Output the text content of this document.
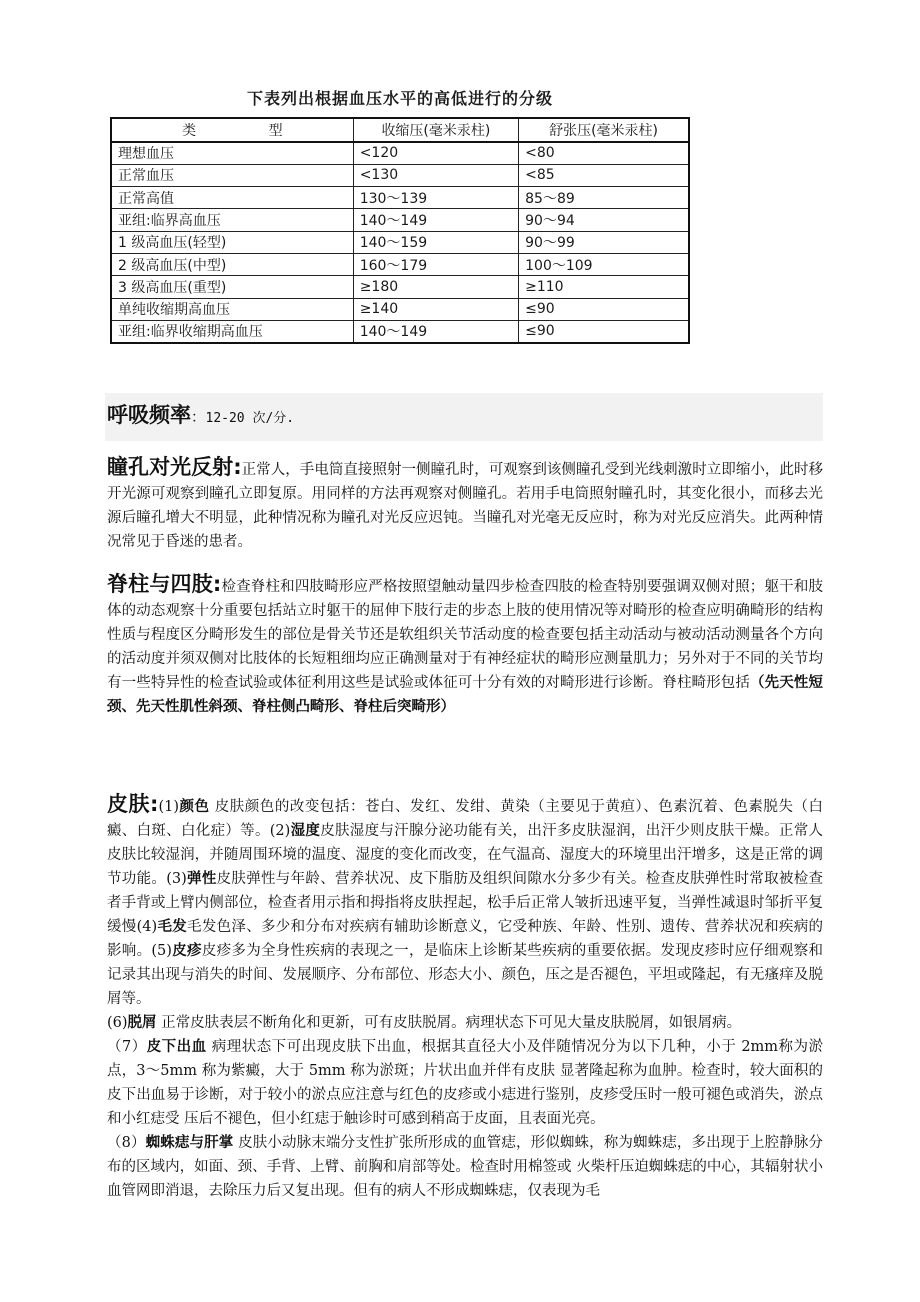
下表列出根据血压水平的高低进行的分级
类 型	收缩压(毫米汞柱)	舒张压(毫米汞柱)
理想血压	<120	<80
正常血压	<130	<85
正常高值	130～139	85～89
亚组:临界高血压	140～149	90～94
1 级高血压(轻型)	140～159	90～99
2 级高血压(中型)	160～179	100～109
3 级高血压(重型)	≥180	≥110
单纯收缩期高血压	≥140	≤90
亚组:临界收缩期高血压	140～149	≤90
呼吸频率：12-20 次/分.

瞳孔对光反射:正常人，手电筒直接照射一侧瞳孔时，可观察到该侧瞳孔受到光线刺激时立即缩小，此时移开光源可观察到瞳孔立即复原。用同样的方法再观察对侧瞳孔。若用手电筒照射瞳孔时，其变化很小，而移去光源后瞳孔增大不明显，此种情况称为瞳孔对光反应迟钝。当瞳孔对光毫无反应时，称为对光反应消失。此两种情况常见于昏迷的患者。

脊柱与四肢:检查脊柱和四肢畸形应严格按照望触动量四步检查四肢的检查特别要强调双侧对照；躯干和肢体的动态观察十分重要包括站立时躯干的屈伸下肢行走的步态上肢的使用情况等对畸形的检查应明确畸形的结构性质与程度区分畸形发生的部位是骨关节还是软组织关节活动度的检查要包括主动活动与被动活动测量各个方向的活动度并须双侧对比肢体的长短粗细均应正确测量对于有神经症状的畸形应测量肌力；另外对于不同的关节均有一些特异性的检查试验或体征利用这些是试验或体征可十分有效的对畸形进行诊断。脊柱畸形包括（先天性短颈、先天性肌性斜颈、脊柱侧凸畸形、脊柱后突畸形）

皮肤:(1)颜色 皮肤颜色的改变包括：苍白、发红、发绀、黄染（主要见于黄疸）、色素沉着、色素脱失（白癜、白斑、白化症）等。(2)湿度皮肤湿度与汗腺分泌功能有关，出汗多皮肤湿润，出汗少则皮肤干燥。正常人皮肤比较湿润，并随周围环境的温度、湿度的变化而改变，在气温高、湿度大的环境里出汗增多，这是正常的调节功能。(3)弹性皮肤弹性与年龄、营养状况、皮下脂肪及组织间隙水分多少有关。检查皮肤弹性时常取被检查者手背或上臂内侧部位，检查者用示指和拇指将皮肤捏起，松手后正常人皱折迅速平复，当弹性减退时邹折平复缓慢(4)毛发毛发色泽、多少和分布对疾病有辅助诊断意义，它受种族、年龄、性别、遗传、营养状况和疾病的影响。(5)皮疹皮疹多为全身性疾病的表现之一，是临床上诊断某些疾病的重要依据。发现皮疹时应仔细观察和记录其出现与消失的时间、发展顺序、分布部位、形态大小、颜色，压之是否褪色，平坦或隆起，有无瘙痒及脱屑等。

(6)脱屑 正常皮肤表层不断角化和更新，可有皮肤脱屑。病理状态下可见大量皮肤脱屑，如银屑病。

（7）皮下出血 病理状态下可出现皮肤下出血，根据其直径大小及伴随情况分为以下几种，小于 2mm称为淤点，3～5mm 称为紫癜，大于 5mm 称为淤斑；片状出血并伴有皮肤 显著隆起称为血肿。检查时，较大面积的皮下出血易于诊断，对于较小的淤点应注意与红色的皮疹或小痣进行鉴别，皮疹受压时一般可褪色或消失，淤点和小红痣受 压后不褪色，但小红痣于触诊时可感到稍高于皮面，且表面光亮。

（8）蜘蛛痣与肝掌 皮肤小动脉末端分支性扩张所形成的血管痣，形似蜘蛛，称为蜘蛛痣，多出现于上腔静脉分布的区域内，如面、颈、手背、上臂、前胸和肩部等处。检查时用棉签或 火柴杆压迫蜘蛛痣的中心，其辐射状小血管网即消退，去除压力后又复出现。但有的病人不形成蜘蛛痣，仅表现为毛
